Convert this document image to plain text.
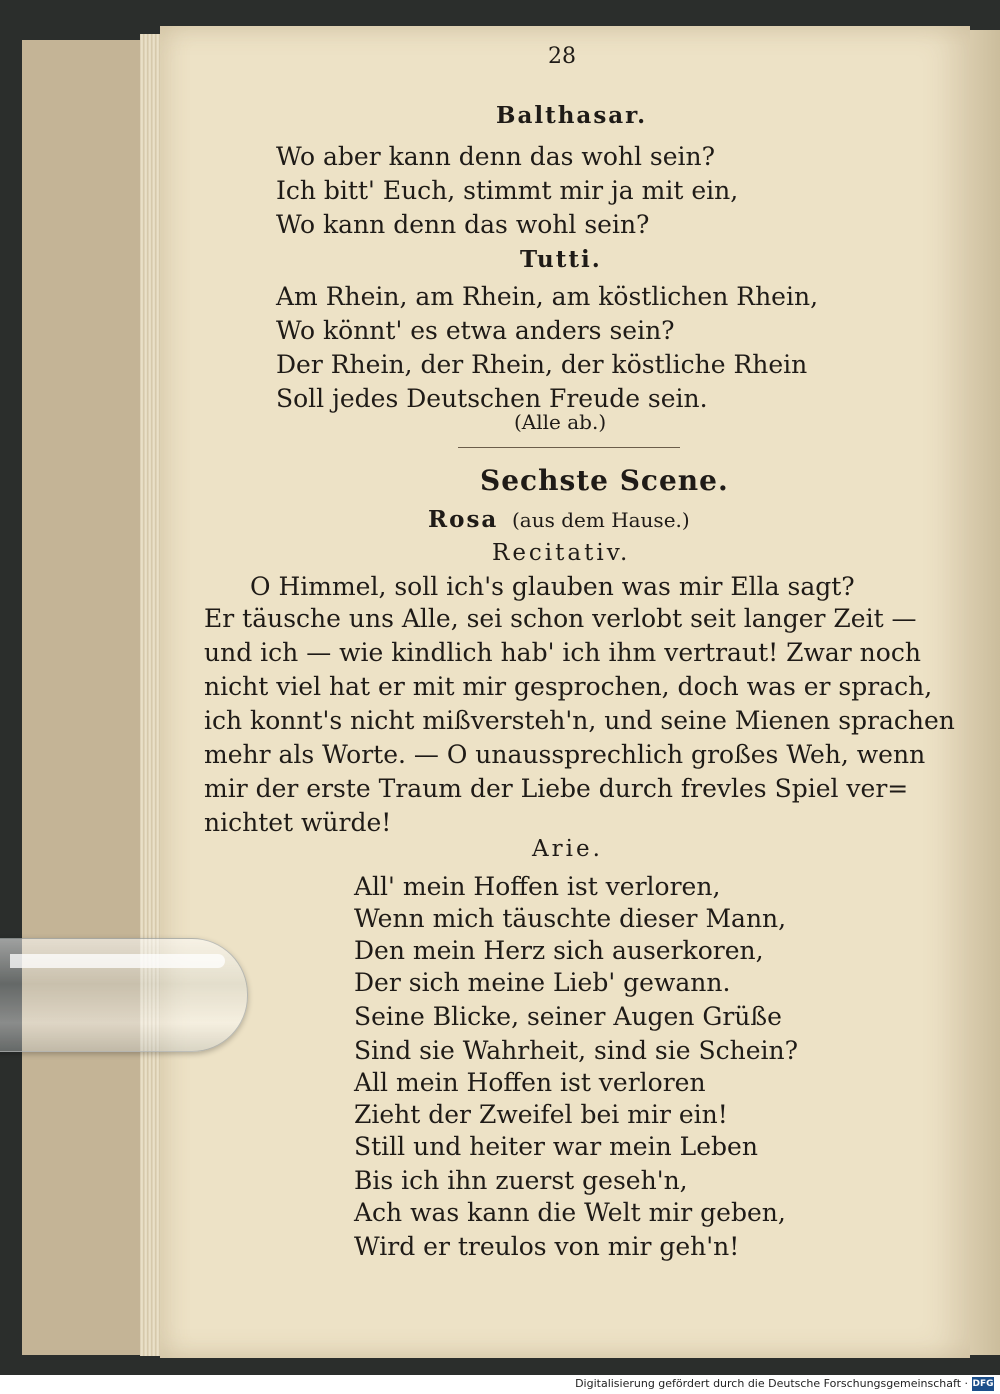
28
Balthasar.
Wo aber kann denn das wohl sein?
Ich bitt' Euch, stimmt mir ja mit ein,
Wo kann denn das wohl sein?
Tutti.
Am Rhein, am Rhein, am köstlichen Rhein,
Wo könnt' es etwa anders sein?
Der Rhein, der Rhein, der köstliche Rhein
Soll jedes Deutschen Freude sein.
(Alle ab.)
Sechste Scene.
Rosa (aus dem Hause.)
Recitativ.
O Himmel, soll ich's glauben was mir Ella sagt?
Er täusche uns Alle, sei schon verlobt seit langer Zeit —
und ich — wie kindlich hab' ich ihm vertraut! Zwar noch
nicht viel hat er mit mir gesprochen, doch was er sprach,
ich konnt's nicht mißversteh'n, und seine Mienen sprachen
mehr als Worte. — O unaussprechlich großes Weh, wenn
mir der erste Traum der Liebe durch frevles Spiel ver=
nichtet würde!
Arie.
All' mein Hoffen ist verloren,
Wenn mich täuschte dieser Mann,
Den mein Herz sich auserkoren,
Der sich meine Lieb' gewann.
Seine Blicke, seiner Augen Grüße
Sind sie Wahrheit, sind sie Schein?
All mein Hoffen ist verloren
Zieht der Zweifel bei mir ein!
Still und heiter war mein Leben
Bis ich ihn zuerst geseh'n,
Ach was kann die Welt mir geben,
Wird er treulos von mir geh'n!
Digitalisierung gefördert durch die Deutsche Forschungsgemeinschaft · DFG
